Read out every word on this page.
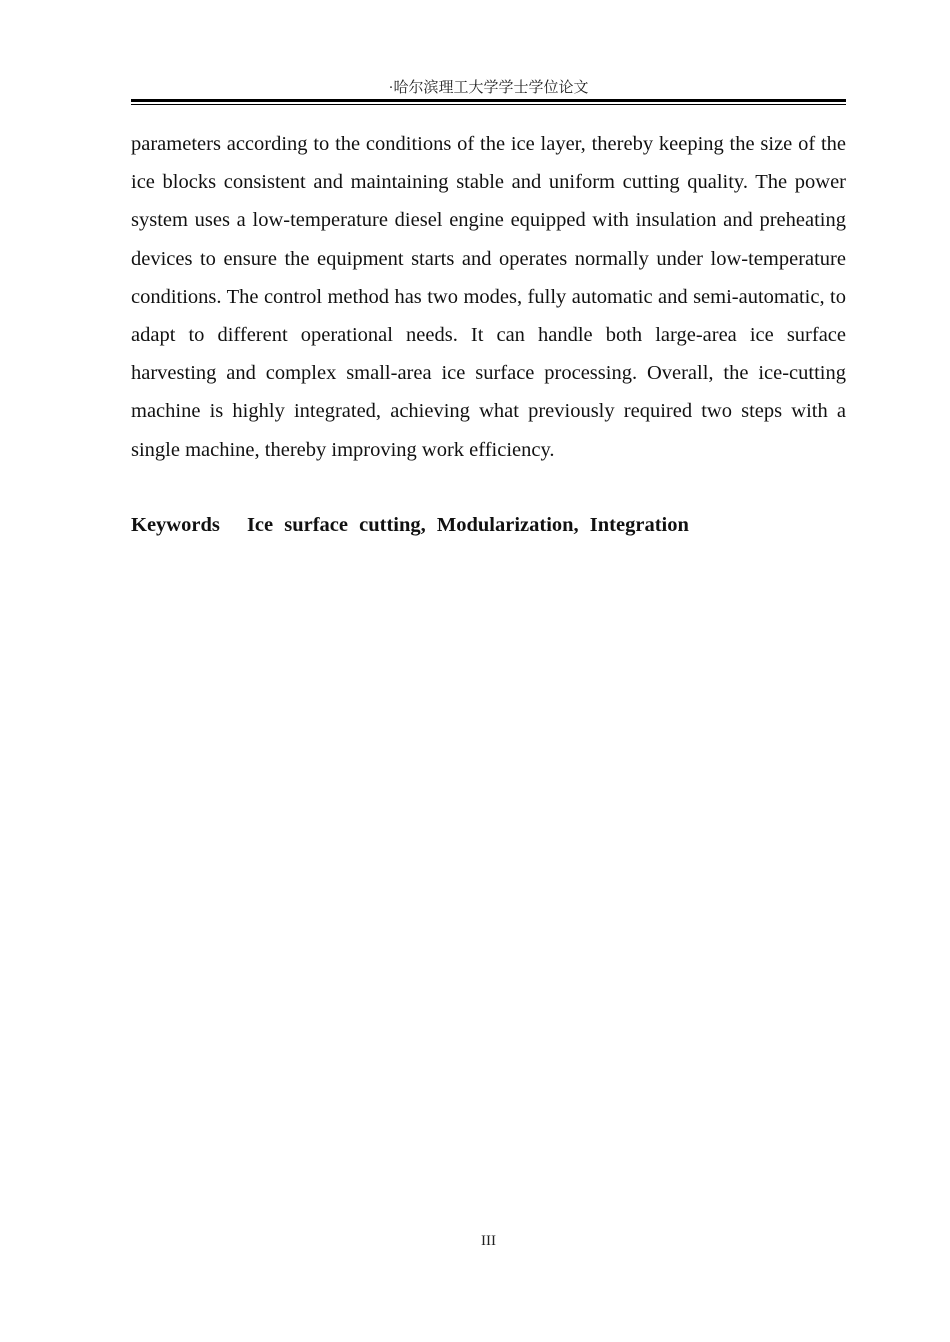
·哈尔滨理工大学学士学位论文

parameters according to the conditions of the ice layer, thereby keeping the size of the ice blocks consistent and maintaining stable and uniform cutting quality. The power system uses a low-temperature diesel engine equipped with insulation and preheating devices to ensure the equipment starts and operates normally under low-temperature conditions. The control method has two modes, fully automatic and semi-automatic, to adapt to different operational needs. It can handle both large-area ice surface harvesting and complex small-area ice surface processing. Overall, the ice-cutting machine is highly integrated, achieving what previously required two steps with a single machine, thereby improving work efficiency.

Keywords Ice surface cutting, Modularization, Integration

III
